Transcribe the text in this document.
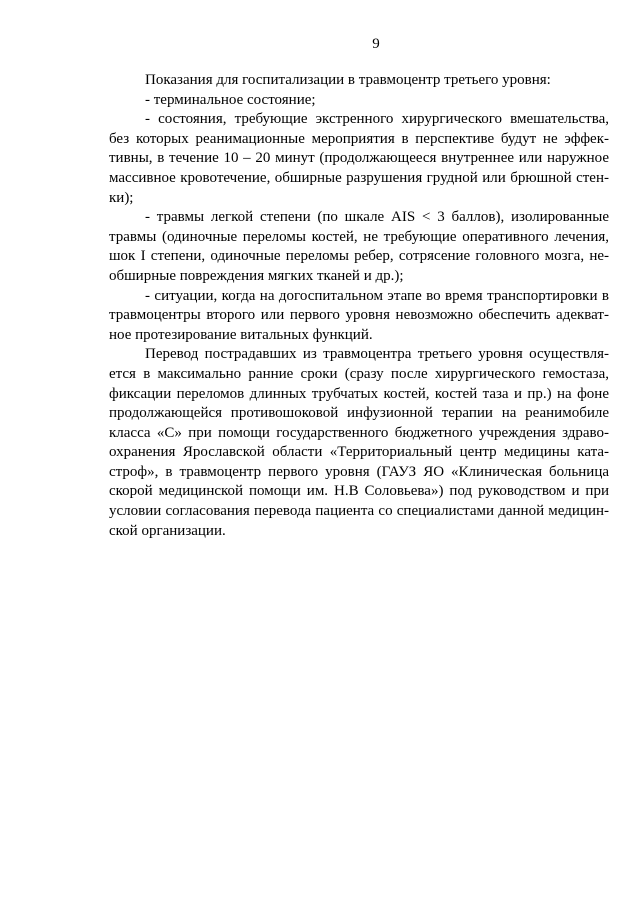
9

Показания для госпитализации в травмоцентр третьего уровня:

- терминальное состояние;

- состояния, требующие экстренного хирургического вмешательства, без которых реанимационные мероприятия в перспективе будут не эффективны, в течение 10 – 20 минут (продолжающееся внутреннее или наружное массивное кровотечение, обширные разрушения грудной или брюшной стенки);

- травмы легкой степени (по шкале AIS < 3 баллов), изолированные травмы (одиночные переломы костей, не требующие оперативного лечения, шок I степени, одиночные переломы ребер, сотрясение головного мозга, необширные повреждения мягких тканей и др.);

- ситуации, когда на догоспитальном этапе во время транспортировки в травмоцентры второго или первого уровня невозможно обеспечить адекватное протезирование витальных функций.

Перевод пострадавших из травмоцентра третьего уровня осуществляется в максимально ранние сроки (сразу после хирургического гемостаза, фиксации переломов длинных трубчатых костей, костей таза и пр.) на фоне продолжающейся противошоковой инфузионной терапии на реанимобиле класса «С» при помощи государственного бюджетного учреждения здравоохранения Ярославской области «Территориальный центр медицины катастроф», в травмоцентр первого уровня (ГАУЗ ЯО «Клиническая больница скорой медицинской помощи им. Н.В Соловьева») под руководством и при условии согласования перевода пациента со специалистами данной медицинской организации.
